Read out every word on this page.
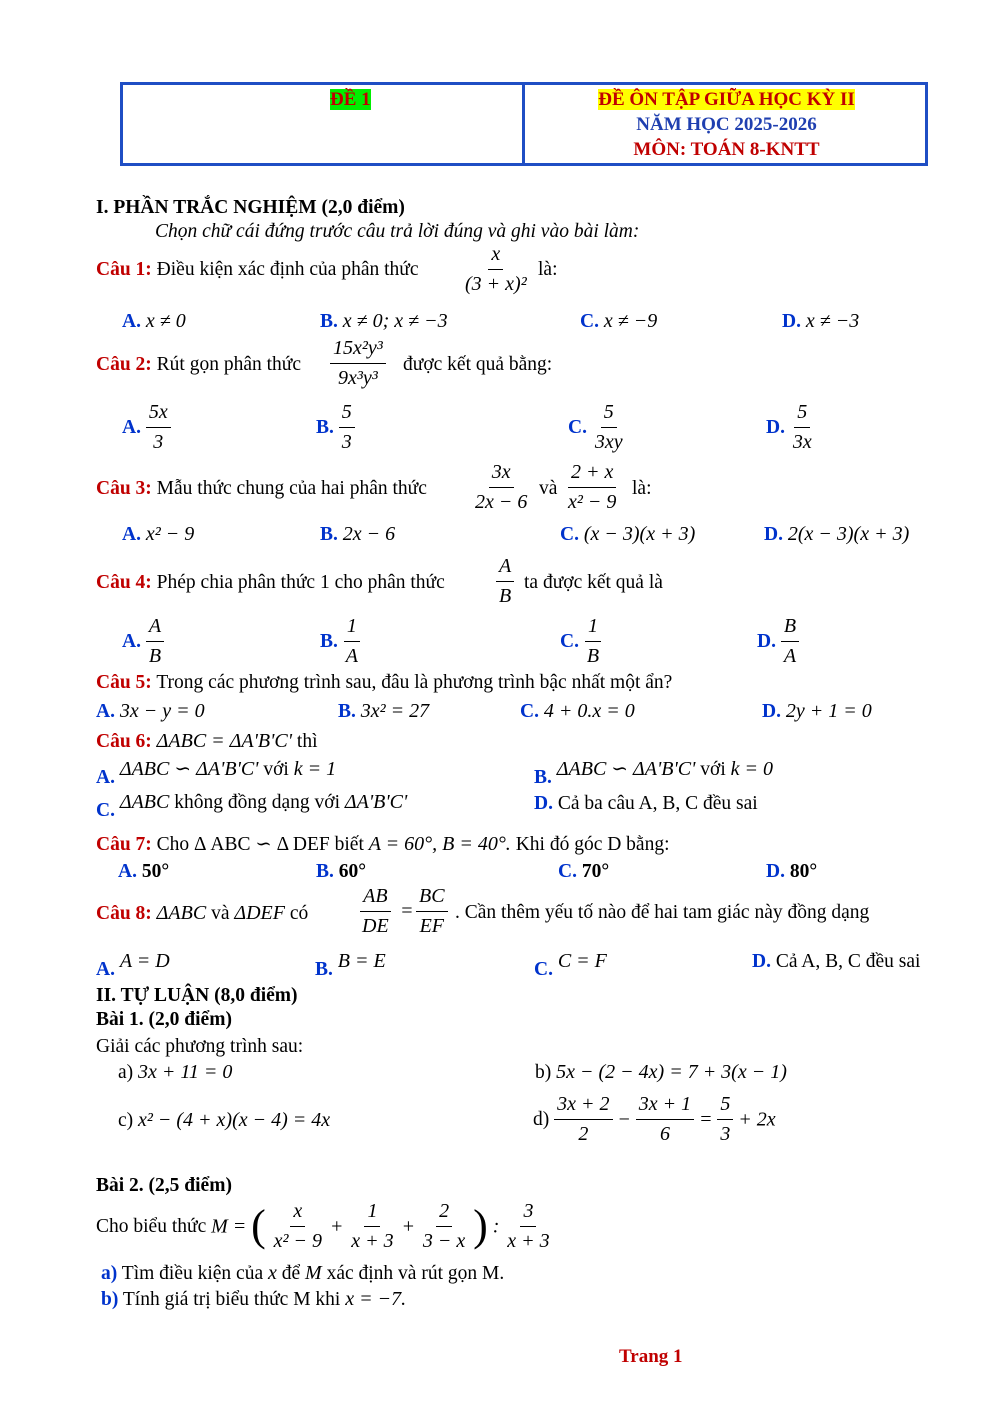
ĐỀ 1	ĐỀ ÔN TẬP GIỮA HỌC KỲ II
NĂM HỌC 2025-2026
MÔN: TOÁN 8-KNTT
I. PHẦN TRẮC NGHIỆM (2,0 điểm)
Chọn chữ cái đứng trước câu trả lời đúng và ghi vào bài làm:
Câu 1: Điều kiện xác định của phân thức $\frac{x}{\text{(3 + x)²}}$ là:
A. x ≠ 0	B. x ≠ 0; x ≠ −3	C. x ≠ −9	D. x ≠ −3
Câu 2: Rút gọn phân thức $\frac{\text{15x²y³}}{\text{9x³y³}}$ được kết quả bằng:
A. $\frac{5x}{3}$	B. $\frac{5}{3}$	C. $\frac{5}{3xy}$	D. $\frac{5}{3x}$
Câu 3: Mẫu thức chung của hai phân thức $\frac{3x}{2x - 6}$ và $\frac{2 + x}{\text{x² − 9}}$ là:
A. x² − 9	B. 2x − 6	C. (x − 3)(x + 3)	D. 2(x − 3)(x + 3)
Câu 4: Phép chia phân thức 1 cho phân thức	$\frac{A}{B}$ ta được kết quả là
A. $\frac{A}{B}$	B. $\frac{1}{A}$	C. $\frac{1}{B}$	D. $\frac{B}{A}$
Câu 5: Trong các phương trình sau, đâu là phương trình bậc nhất một ẩn?
A. 3x − y = 0	B. 3x² = 27	C. 4 + 0.x = 0	D. 2y + 1 = 0
Câu 6: ΔABC = ΔA'B'C' thì
A. ΔABC ∽ ΔA'B'C' với k = 1	B. ΔABC ∽ ΔA'B'C' với k = 0
C. ΔABC không đồng dạng với ΔA'B'C'	D. Cả ba câu A, B, C đều sai
Câu 7: Cho Δ ABC ∽ Δ DEF biết A = 60°, B = 40°. Khi đó góc D bằng:
A. 50°	B. 60°	C. 70°	D. 80°
Câu 8: ΔABC và ΔDEF có	$\frac{AB}{DE} = \frac{BC}{EF}$ . Cần thêm yếu tố nào để hai tam giác này đồng dạng
A. A = D	B. B = E	C. C = F	D. Cả A, B, C đều sai
II. TỰ LUẬN (8,0 điểm)
Bài 1. (2,0 điểm)
Giải các phương trình sau:
a) 3x + 11 = 0	b) 5x − (2 − 4x) = 7 + 3(x − 1)
c) x² − (4 + x)(x − 4) = 4x	$d) \frac{3x + 2}{2} - \frac{3x + 1}{6} = \frac{5}{3} + 2x$
Bài 2. (2,5 điểm)
Cho biểu thức M = ( $\frac{x}{\text{x² − 9}} + \frac{1}{x + 3} + \frac{2}{3 - x}$ ) : $\frac{3}{x + 3}$
a) Tìm điều kiện của x để M xác định và rút gọn M.
b) Tính giá trị biểu thức M khi x = −7.
Trang 1
